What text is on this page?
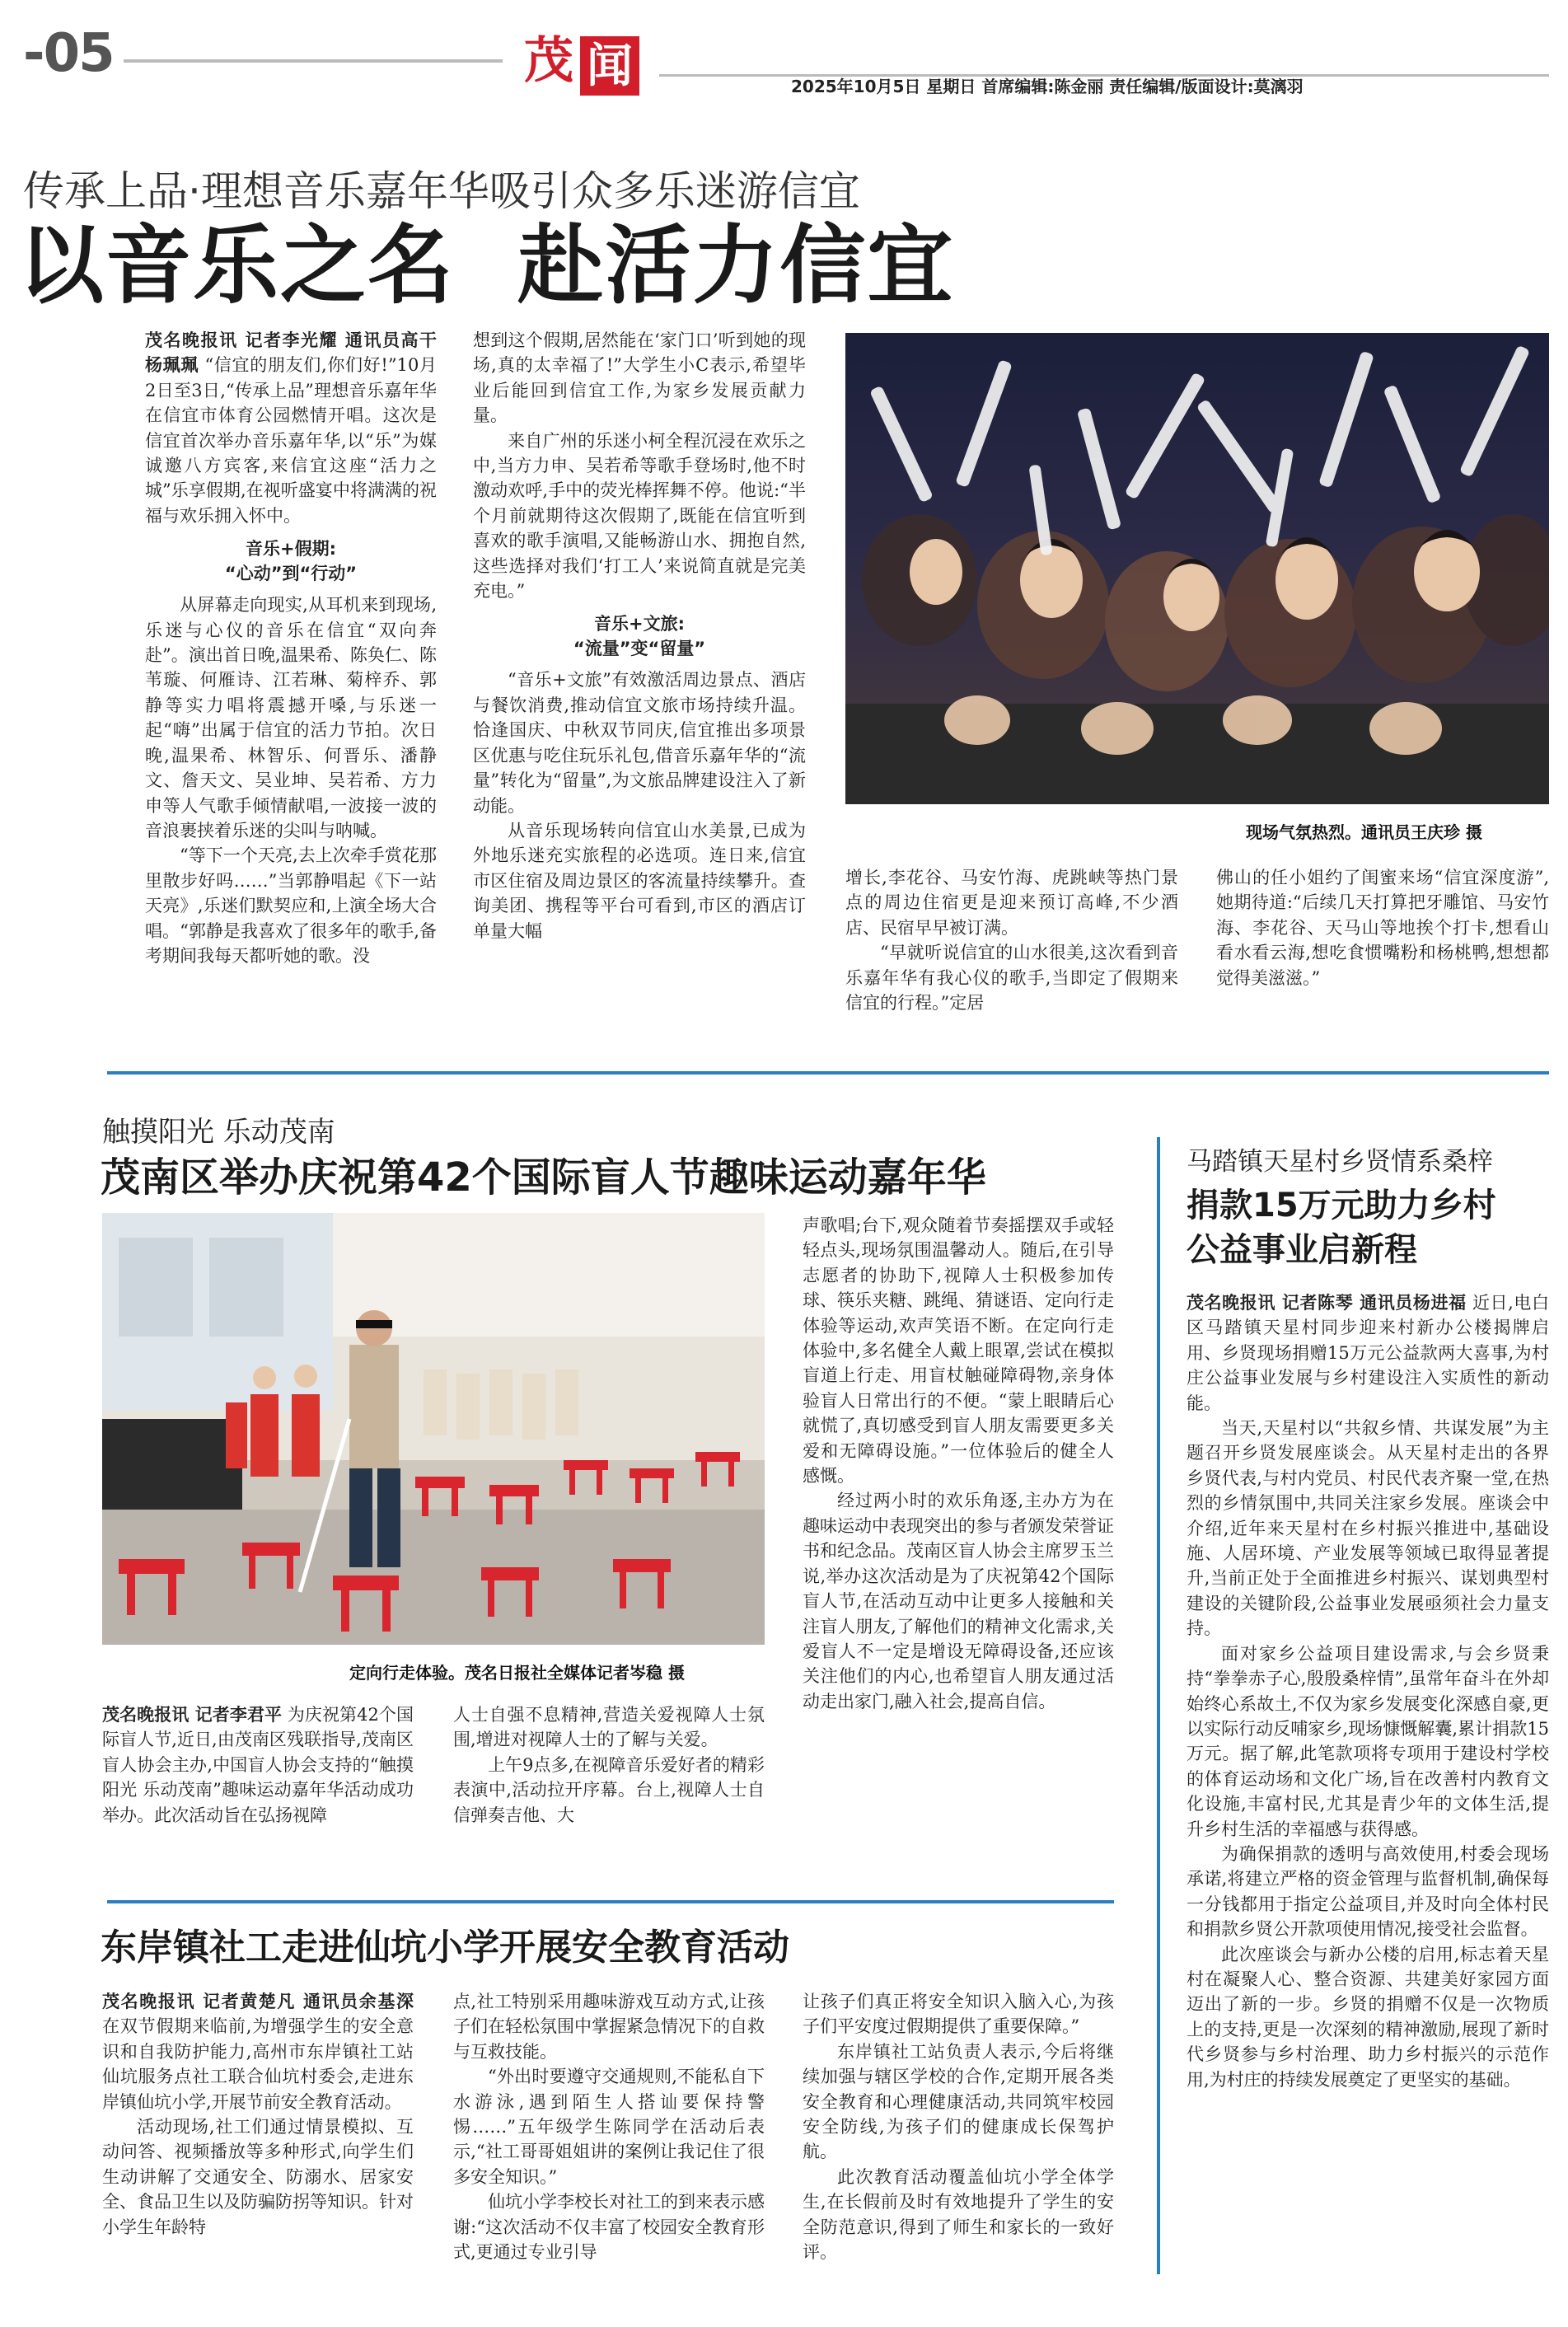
-05	茂 闻	2025年10月5日 星期日 首席编辑:陈金丽 责任编辑/版面设计:莫漓羽
传承上品·理想音乐嘉年华吸引众多乐迷游信宜
以音乐之名  赴活力信宜

茂名晚报讯 记者李光耀 通讯员高干 杨珮珮 “信宜的朋友们,你们好!”10月2日至3日,“传承上品”理想音乐嘉年华在信宜市体育公园燃情开唱。这次是信宜首次举办音乐嘉年华,以“乐”为媒诚邀八方宾客,来信宜这座“活力之城”乐享假期,在视听盛宴中将满满的祝福与欢乐拥入怀中。

音乐+假期:
“心动”到“行动”

从屏幕走向现实,从耳机来到现场,乐迷与心仪的音乐在信宜“双向奔赴”。演出首日晚,温果希、陈奂仁、陈苇璇、何雁诗、江若琳、菊梓乔、郭静等实力唱将震撼开嗓,与乐迷一起“嗨”出属于信宜的活力节拍。次日晚,温果希、林智乐、何晋乐、潘静文、詹天文、吴业坤、吴若希、方力申等人气歌手倾情献唱,一波接一波的音浪裹挟着乐迷的尖叫与呐喊。

“等下一个天亮,去上次牵手赏花那里散步好吗……”当郭静唱起《下一站天亮》,乐迷们默契应和,上演全场大合唱。“郭静是我喜欢了很多年的歌手,备考期间我每天都听她的歌。没

想到这个假期,居然能在‘家门口’听到她的现场,真的太幸福了!”大学生小C表示,希望毕业后能回到信宜工作,为家乡发展贡献力量。

来自广州的乐迷小柯全程沉浸在欢乐之中,当方力申、吴若希等歌手登场时,他不时激动欢呼,手中的荧光棒挥舞不停。他说:“半个月前就期待这次假期了,既能在信宜听到喜欢的歌手演唱,又能畅游山水、拥抱自然,这些选择对我们‘打工人’来说简直就是完美充电。”

音乐+文旅:
“流量”变“留量”

“音乐+文旅”有效激活周边景点、酒店与餐饮消费,推动信宜文旅市场持续升温。恰逢国庆、中秋双节同庆,信宜推出多项景区优惠与吃住玩乐礼包,借音乐嘉年华的“流量”转化为“留量”,为文旅品牌建设注入了新动能。

从音乐现场转向信宜山水美景,已成为外地乐迷充实旅程的必选项。连日来,信宜市区住宿及周边景区的客流量持续攀升。查询美团、携程等平台可看到,市区的酒店订单量大幅

现场气氛热烈。通讯员王庆珍 摄

增长,李花谷、马安竹海、虎跳峡等热门景点的周边住宿更是迎来预订高峰,不少酒店、民宿早早被订满。

“早就听说信宜的山水很美,这次看到音乐嘉年华有我心仪的歌手,当即定了假期来信宜的行程。”定居

佛山的任小姐约了闺蜜来场“信宜深度游”,她期待道:“后续几天打算把牙雕馆、马安竹海、李花谷、天马山等地挨个打卡,想看山看水看云海,想吃食惯嘴粉和杨桃鸭,想想都觉得美滋滋。”

触摸阳光 乐动茂南
茂南区举办庆祝第42个国际盲人节趣味运动嘉年华
定向行走体验。茂名日报社全媒体记者岑稳 摄

茂名晚报讯 记者李君平 为庆祝第42个国际盲人节,近日,由茂南区残联指导,茂南区盲人协会主办,中国盲人协会支持的“触摸阳光 乐动茂南”趣味运动嘉年华活动成功举办。此次活动旨在弘扬视障

人士自强不息精神,营造关爱视障人士氛围,增进对视障人士的了解与关爱。

上午9点多,在视障音乐爱好者的精彩表演中,活动拉开序幕。台上,视障人士自信弹奏吉他、大

声歌唱;台下,观众随着节奏摇摆双手或轻轻点头,现场氛围温馨动人。随后,在引导志愿者的协助下,视障人士积极参加传球、筷乐夹糖、跳绳、猜谜语、定向行走体验等运动,欢声笑语不断。在定向行走体验中,多名健全人戴上眼罩,尝试在模拟盲道上行走、用盲杖触碰障碍物,亲身体验盲人日常出行的不便。“蒙上眼睛后心就慌了,真切感受到盲人朋友需要更多关爱和无障碍设施。”一位体验后的健全人感慨。

经过两小时的欢乐角逐,主办方为在趣味运动中表现突出的参与者颁发荣誉证书和纪念品。茂南区盲人协会主席罗玉兰说,举办这次活动是为了庆祝第42个国际盲人节,在活动互动中让更多人接触和关注盲人朋友,了解他们的精神文化需求,关爱盲人不一定是增设无障碍设备,还应该关注他们的内心,也希望盲人朋友通过活动走出家门,融入社会,提高自信。

东岸镇社工走进仙坑小学开展安全教育活动

茂名晚报讯 记者黄楚凡 通讯员余基深 在双节假期来临前,为增强学生的安全意识和自我防护能力,高州市东岸镇社工站仙坑服务点社工联合仙坑村委会,走进东岸镇仙坑小学,开展节前安全教育活动。

活动现场,社工们通过情景模拟、互动问答、视频播放等多种形式,向学生们生动讲解了交通安全、防溺水、居家安全、食品卫生以及防骗防拐等知识。针对小学生年龄特

点,社工特别采用趣味游戏互动方式,让孩子们在轻松氛围中掌握紧急情况下的自救与互救技能。

“外出时要遵守交通规则,不能私自下水游泳,遇到陌生人搭讪要保持警惕……”五年级学生陈同学在活动后表示,“社工哥哥姐姐讲的案例让我记住了很多安全知识。”

仙坑小学李校长对社工的到来表示感谢:“这次活动不仅丰富了校园安全教育形式,更通过专业引导

让孩子们真正将安全知识入脑入心,为孩子们平安度过假期提供了重要保障。”

东岸镇社工站负责人表示,今后将继续加强与辖区学校的合作,定期开展各类安全教育和心理健康活动,共同筑牢校园安全防线,为孩子们的健康成长保驾护航。

此次教育活动覆盖仙坑小学全体学生,在长假前及时有效地提升了学生的安全防范意识,得到了师生和家长的一致好评。

马踏镇天星村乡贤情系桑梓
捐款15万元助力乡村
公益事业启新程

茂名晚报讯 记者陈琴 通讯员杨进福 近日,电白区马踏镇天星村同步迎来村新办公楼揭牌启用、乡贤现场捐赠15万元公益款两大喜事,为村庄公益事业发展与乡村建设注入实质性的新动能。

当天,天星村以“共叙乡情、共谋发展”为主题召开乡贤发展座谈会。从天星村走出的各界乡贤代表,与村内党员、村民代表齐聚一堂,在热烈的乡情氛围中,共同关注家乡发展。座谈会中介绍,近年来天星村在乡村振兴推进中,基础设施、人居环境、产业发展等领域已取得显著提升,当前正处于全面推进乡村振兴、谋划典型村建设的关键阶段,公益事业发展亟须社会力量支持。

面对家乡公益项目建设需求,与会乡贤秉持“拳拳赤子心,殷殷桑梓情”,虽常年奋斗在外却始终心系故土,不仅为家乡发展变化深感自豪,更以实际行动反哺家乡,现场慷慨解囊,累计捐款15万元。据了解,此笔款项将专项用于建设村学校的体育运动场和文化广场,旨在改善村内教育文化设施,丰富村民,尤其是青少年的文体生活,提升乡村生活的幸福感与获得感。

为确保捐款的透明与高效使用,村委会现场承诺,将建立严格的资金管理与监督机制,确保每一分钱都用于指定公益项目,并及时向全体村民和捐款乡贤公开款项使用情况,接受社会监督。

此次座谈会与新办公楼的启用,标志着天星村在凝聚人心、整合资源、共建美好家园方面迈出了新的一步。乡贤的捐赠不仅是一次物质上的支持,更是一次深刻的精神激励,展现了新时代乡贤参与乡村治理、助力乡村振兴的示范作用,为村庄的持续发展奠定了更坚实的基础。
